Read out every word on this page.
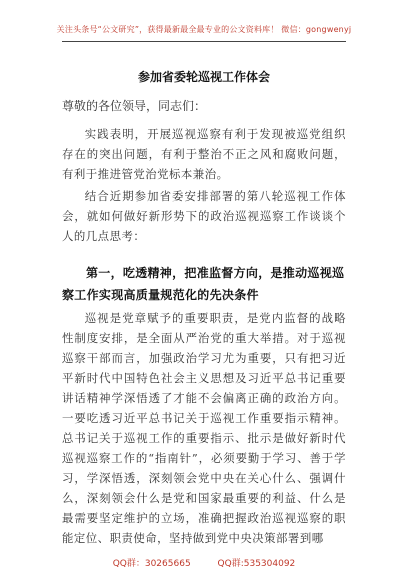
关注头条号“公文研究”，获得最新最全最专业的公文资料库！ 微信：gongwenyj
参加省委轮巡视工作体会
尊敬的各位领导，同志们：
实践表明，开展巡视巡察有利于发现被巡党组织存在的突出问题，有利于整治不正之风和腐败问题，有利于推进管党治党标本兼治。
结合近期参加省委安排部署的第八轮巡视工作体会，就如何做好新形势下的政治巡视巡察工作谈谈个人的几点思考：
第一，吃透精神，把准监督方向，是推动巡视巡察工作实现高质量规范化的先决条件
巡视是党章赋予的重要职责，是党内监督的战略性制度安排，是全面从严治党的重大举措。对于巡视巡察干部而言，加强政治学习尤为重要，只有把习近平新时代中国特色社会主义思想及习近平总书记重要讲话精神学深悟透了才能不会偏离正确的政治方向。一要吃透习近平总书记关于巡视工作重要指示精神。总书记关于巡视工作的重要指示、批示是做好新时代巡视巡察工作的“指南针”，必须要勤于学习、善于学习，学深悟透，深刻领会党中央在关心什么、强调什么，深刻领会什么是党和国家最重要的利益、什么是最需要坚定维护的立场，准确把握政治巡视巡察的职能定位、职责使命，坚持做到党中央决策部署到哪
QQ群：30265665	QQ群:535304092
